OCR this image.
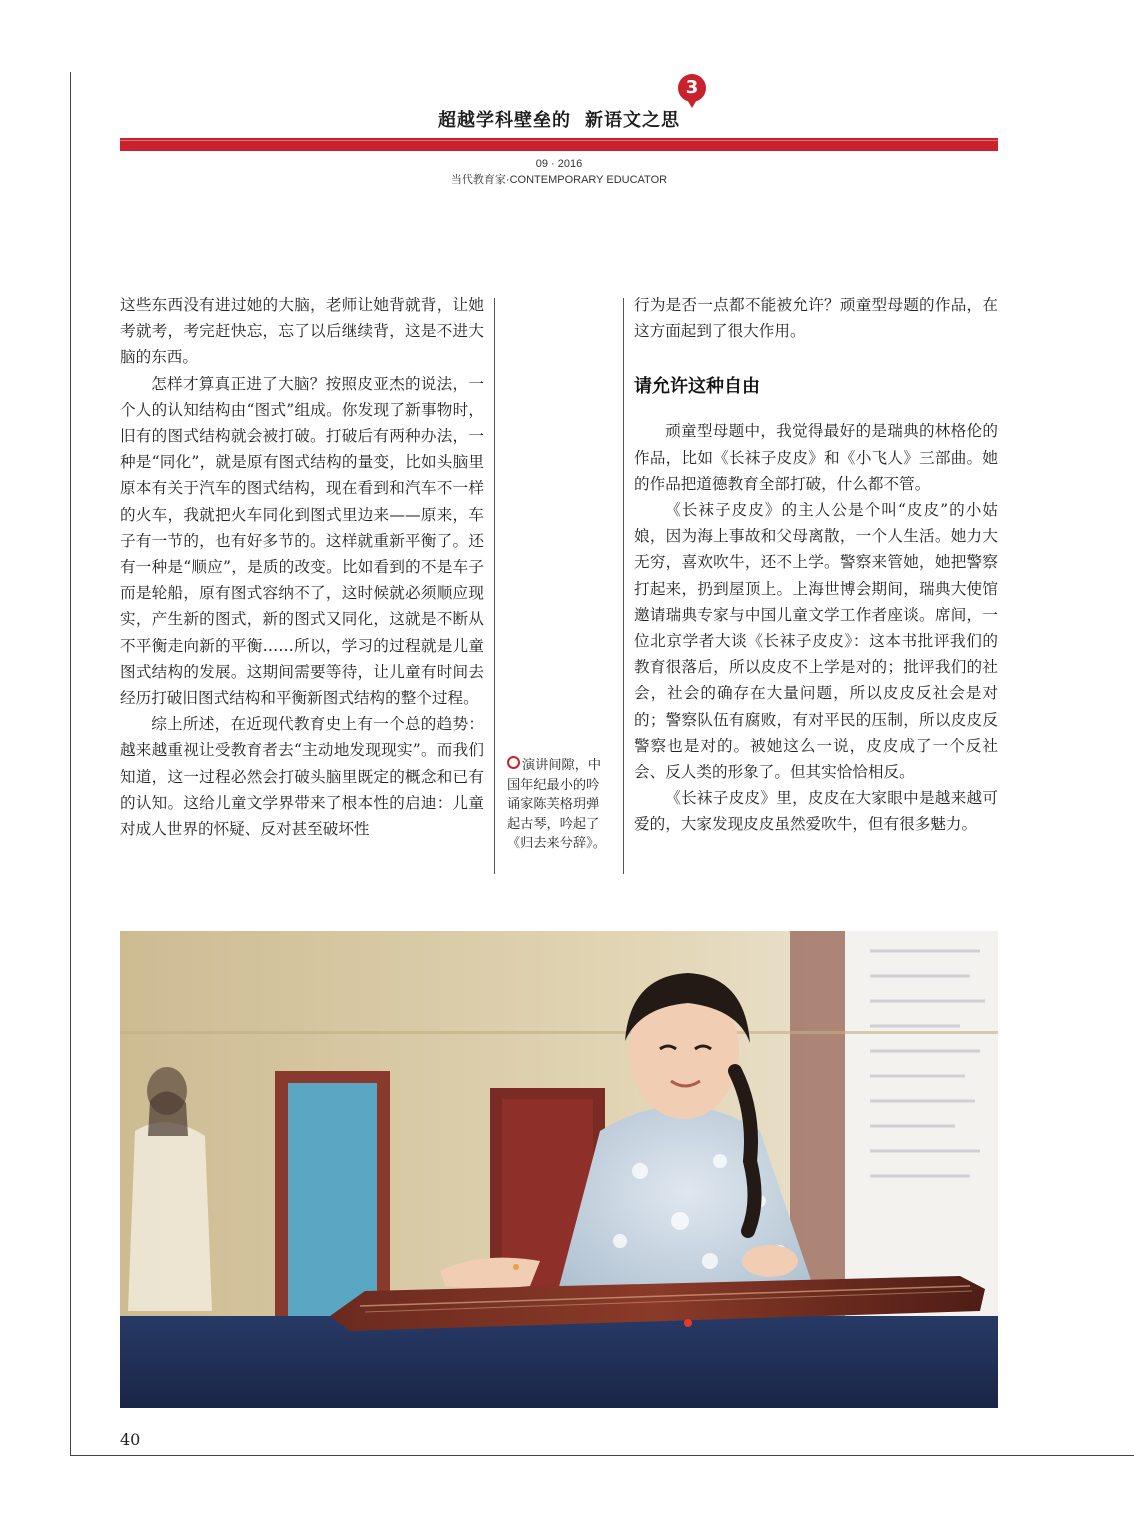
3
超越学科壁垒的 新语文之思
09 · 2016
当代教育家·CONTEMPORARY EDUCATOR

这些东西没有进过她的大脑，老师让她背就背，让她考就考，考完赶快忘，忘了以后继续背，这是不进大脑的东西。

怎样才算真正进了大脑？按照皮亚杰的说法，一个人的认知结构由“图式”组成。你发现了新事物时，旧有的图式结构就会被打破。打破后有两种办法，一种是“同化”，就是原有图式结构的量变，比如头脑里原本有关于汽车的图式结构，现在看到和汽车不一样的火车，我就把火车同化到图式里边来——原来，车子有一节的，也有好多节的。这样就重新平衡了。还有一种是“顺应”，是质的改变。比如看到的不是车子而是轮船，原有图式容纳不了，这时候就必须顺应现实，产生新的图式，新的图式又同化，这就是不断从不平衡走向新的平衡……所以，学习的过程就是儿童图式结构的发展。这期间需要等待，让儿童有时间去经历打破旧图式结构和平衡新图式结构的整个过程。

综上所述，在近现代教育史上有一个总的趋势：越来越重视让受教育者去“主动地发现现实”。而我们知道，这一过程必然会打破头脑里既定的概念和已有的认知。这给儿童文学界带来了根本性的启迪：儿童对成人世界的怀疑、反对甚至破坏性

演讲间隙，中国年纪最小的吟诵家陈芙格玥弹起古琴，吟起了《归去来兮辞》。

行为是否一点都不能被允许？顽童型母题的作品，在这方面起到了很大作用。

请允许这种自由

顽童型母题中，我觉得最好的是瑞典的林格伦的作品，比如《长袜子皮皮》和《小飞人》三部曲。她的作品把道德教育全部打破，什么都不管。

《长袜子皮皮》的主人公是个叫“皮皮”的小姑娘，因为海上事故和父母离散，一个人生活。她力大无穷，喜欢吹牛，还不上学。警察来管她，她把警察打起来，扔到屋顶上。上海世博会期间，瑞典大使馆邀请瑞典专家与中国儿童文学工作者座谈。席间，一位北京学者大谈《长袜子皮皮》：这本书批评我们的教育很落后，所以皮皮不上学是对的；批评我们的社会，社会的确存在大量问题，所以皮皮反社会是对的；警察队伍有腐败，有对平民的压制，所以皮皮反警察也是对的。被她这么一说，皮皮成了一个反社会、反人类的形象了。但其实恰恰相反。

《长袜子皮皮》里，皮皮在大家眼中是越来越可爱的，大家发现皮皮虽然爱吹牛，但有很多魅力。

40
